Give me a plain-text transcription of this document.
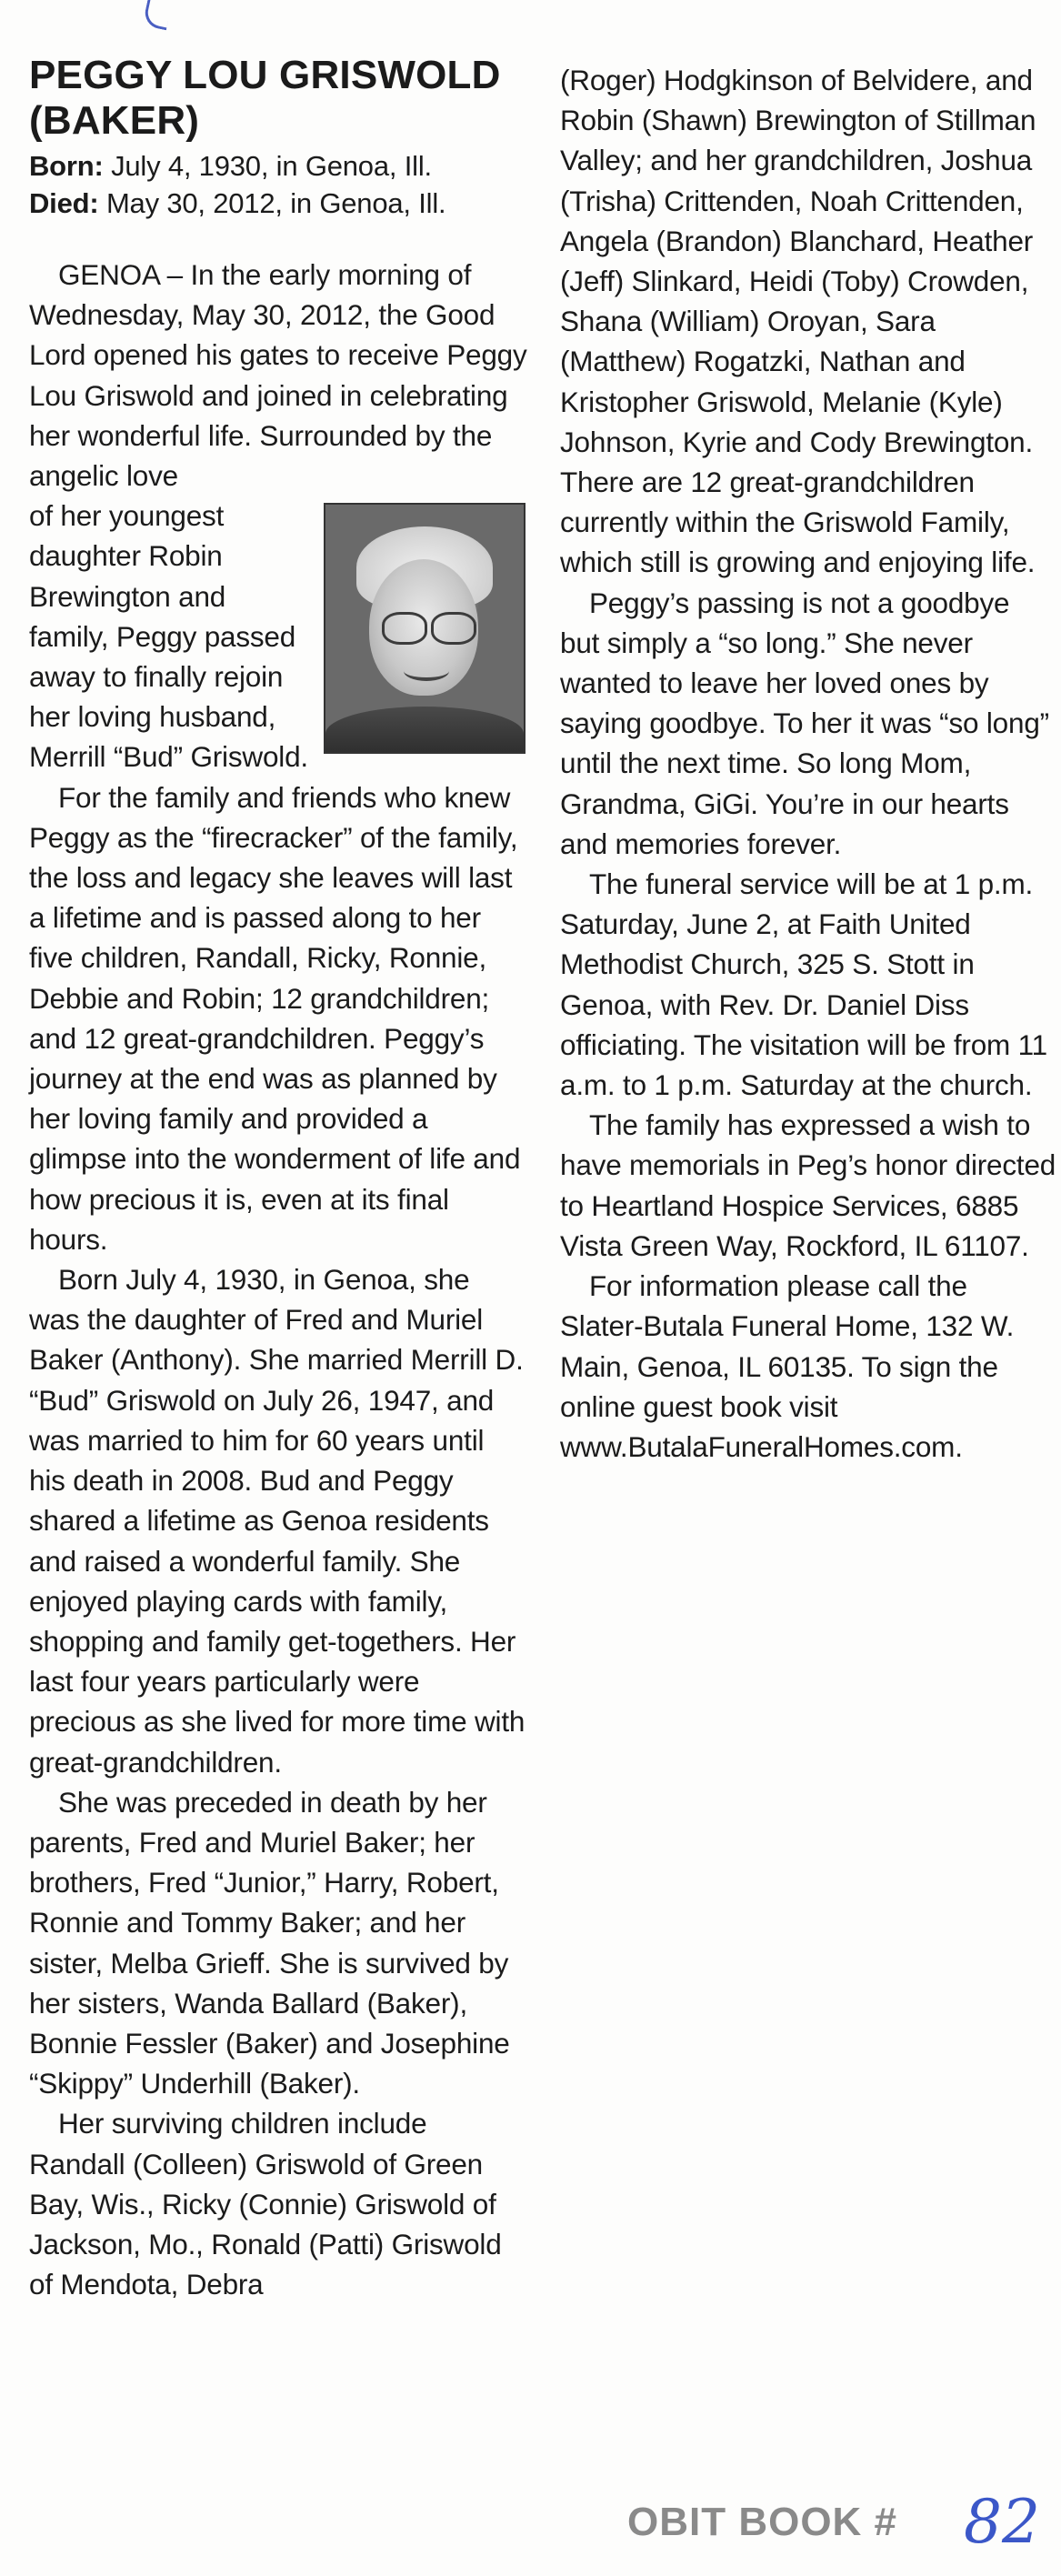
PEGGY LOU GRISWOLD
(BAKER)

Born: July 4, 1930, in Genoa, Ill.

Died: May 30, 2012, in Genoa, Ill.

GENOA – In the early morning of Wednesday, May 30, 2012, the Good Lord opened his gates to receive Peggy Lou Griswold and joined in celebrating her wonderful life. Surrounded by the angelic love

of her youngest daughter Robin Brewington and family, Peggy passed away to finally rejoin her loving husband, Merrill “Bud” Griswold.

For the family and friends who knew Peggy as the “firecracker” of the family, the loss and legacy she leaves will last a lifetime and is passed along to her five children, Randall, Ricky, Ronnie, Debbie and Robin; 12 grandchildren; and 12 great-grandchildren. Peggy’s journey at the end was as planned by her loving family and provided a glimpse into the wonderment of life and how precious it is, even at its final hours.

Born July 4, 1930, in Genoa, she was the daughter of Fred and Muriel Baker (Anthony). She married Merrill D. “Bud” Griswold on July 26, 1947, and was married to him for 60 years until his death in 2008. Bud and Peggy shared a lifetime as Genoa residents and raised a wonderful family. She enjoyed playing cards with family, shopping and family get-togethers. Her last four years particularly were precious as she lived for more time with great-grandchildren.

She was preceded in death by her parents, Fred and Muriel Baker; her brothers, Fred “Junior,” Harry, Robert, Ronnie and Tommy Baker; and her sister, Melba Grieff. She is survived by her sisters, Wanda Ballard (Baker), Bonnie Fessler (Baker) and Josephine “Skippy” Underhill (Baker).

Her surviving children include Randall (Colleen) Griswold of Green Bay, Wis., Ricky (Connie) Griswold of Jackson, Mo., Ronald (Patti) Griswold of Mendota, Debra

(Roger) Hodgkinson of Belvidere, and Robin (Shawn) Brewington of Stillman Valley; and her grandchildren, Joshua (Trisha) Crittenden, Noah Crittenden, Angela (Brandon) Blanchard, Heather (Jeff) Slinkard, Heidi (Toby) Crowden, Shana (William) Oroyan, Sara (Matthew) Rogatzki, Nathan and Kristopher Griswold, Melanie (Kyle) Johnson, Kyrie and Cody Brewington. There are 12 great-grandchildren currently within the Griswold Family, which still is growing and enjoying life.

Peggy’s passing is not a goodbye but simply a “so long.” She never wanted to leave her loved ones by saying goodbye. To her it was “so long” until the next time. So long Mom, Grandma, GiGi. You’re in our hearts and memories forever.

The funeral service will be at 1 p.m. Saturday, June 2, at Faith United Methodist Church, 325 S. Stott in Genoa, with Rev. Dr. Daniel Diss officiating. The visitation will be from 11 a.m. to 1 p.m. Saturday at the church.

The family has expressed a wish to have memorials in Peg’s honor directed to Heartland Hospice Services, 6885 Vista Green Way, Rockford, IL 61107.

For information please call the Slater-Butala Funeral Home, 132 W. Main, Genoa, IL 60135. To sign the online guest book visit www.ButalaFuneralHomes.com.

OBIT BOOK # 82
